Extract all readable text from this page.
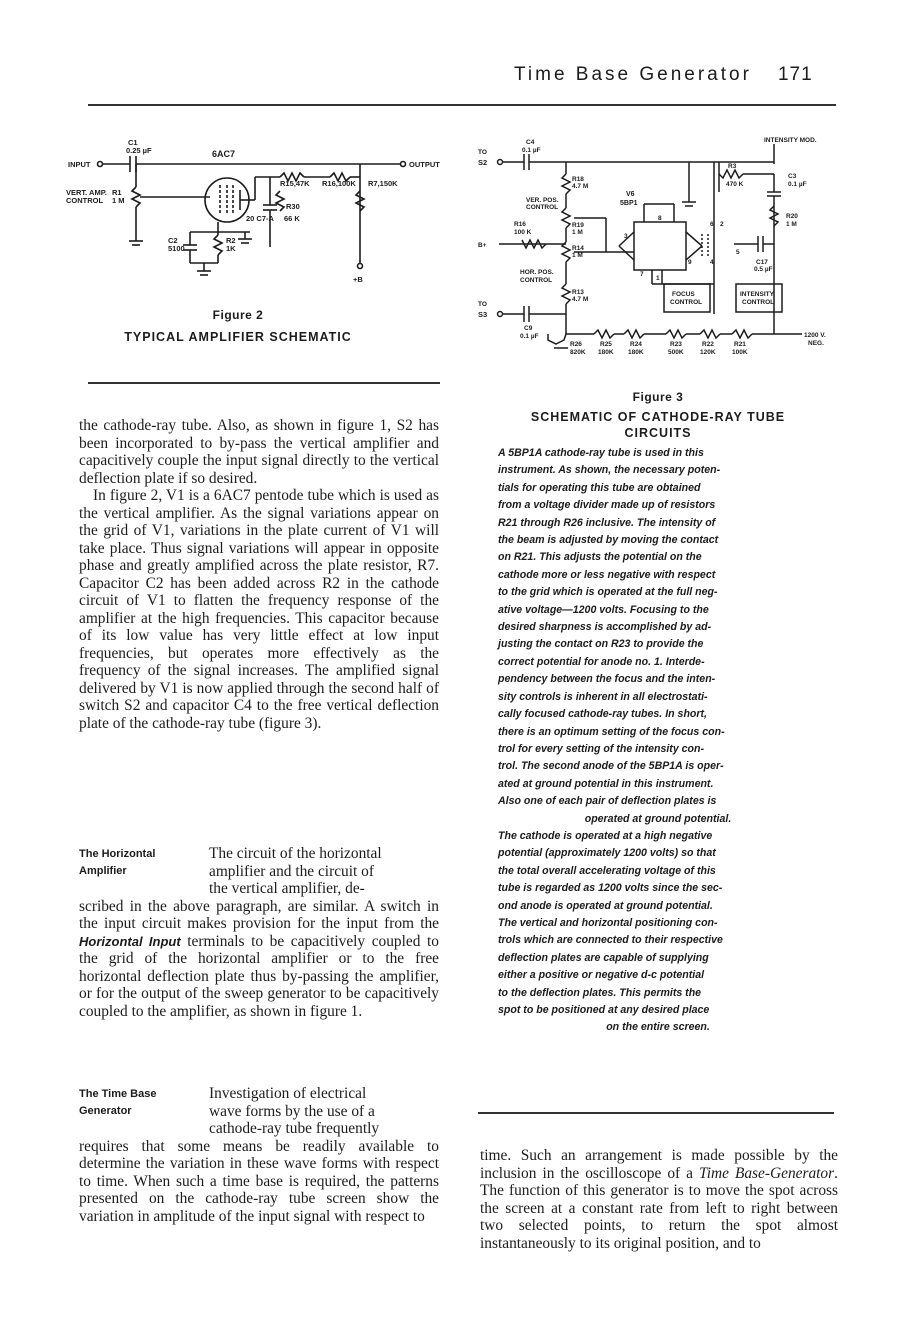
Time Base Generator 171
C1
0.25 µF	6AC7
INPUT	OUTPUT
VERT. AMP. R1
CONTROL 1 M
R15,47K R16,100K R7,150K
R30
20 C7-A 66 K
C2
5100
R2
1K
+B
Figure 2
TYPICAL AMPLIFIER SCHEMATIC
TO
S2
C4
0.1 µF
INTENSITY MOD.
R18
4.7 M
R3
470 K
C3
0.1 µF
VER. POS.
CONTROL
V6
5BP1
R19
1 M
R16
100 K
B+	R14
1 M
R20
1 M
C17
0.5 µF
HOR. POS.
CONTROL
R13
4.7 M
FOCUS
CONTROL
INTENSITY
CONTROL
TO
S3
C9
0.1 µF
R26
820K
R25
180K
R24
180K
R23
500K
R22
120K
R21
100K
1200 V.
NEG.
8
6 2
3
7
9	4
5
1
Figure 3
SCHEMATIC OF CATHODE-RAY TUBE
CIRCUITS

A 5BP1A cathode-ray tube is used in this

instrument. As shown, the necessary poten-

tials for operating this tube are obtained

from a voltage divider made up of resistors

R21 through R26 inclusive. The intensity of

the beam is adjusted by moving the contact

on R21. This adjusts the potential on the

cathode more or less negative with respect

to the grid which is operated at the full neg-

ative voltage—1200 volts. Focusing to the

desired sharpness is accomplished by ad-

justing the contact on R23 to provide the

correct potential for anode no. 1. Interde-

pendency between the focus and the inten-

sity controls is inherent in all electrostati-

cally focused cathode-ray tubes. In short,

there is an optimum setting of the focus con-

trol for every setting of the intensity con-

trol. The second anode of the 5BP1A is oper-

ated at ground potential in this instrument.

Also one of each pair of deflection plates is

operated at ground potential.

The cathode is operated at a high negative

potential (approximately 1200 volts) so that

the total overall accelerating voltage of this

tube is regarded as 1200 volts since the sec-

ond anode is operated at ground potential.

The vertical and horizontal positioning con-

trols which are connected to their respective

deflection plates are capable of supplying

either a positive or negative d-c potential

to the deflection plates. This permits the

spot to be positioned at any desired place

on the entire screen.

the cathode-ray tube. Also, as shown in figure 1, S2 has been incorporated to by-pass the vertical amplifier and capacitively couple the input signal directly to the vertical deflection plate if so desired.

In figure 2, V1 is a 6AC7 pentode tube which is used as the vertical amplifier. As the signal variations appear on the grid of V1, variations in the plate current of V1 will take place. Thus signal variations will appear in opposite phase and greatly amplified across the plate resistor, R7. Capacitor C2 has been added across R2 in the cathode circuit of V1 to flatten the frequency response of the amplifier at the high frequencies. This capacitor because of its low value has very little effect at low input frequencies, but operates more effectively as the frequency of the signal increases. The amplified signal delivered by V1 is now applied through the second half of switch S2 and capacitor C4 to the free vertical deflection plate of the cathode-ray tube (figure 3).

The Horizontal
Amplifier
The circuit of the horizontal
amplifier and the circuit of
the vertical amplifier, de-

scribed in the above paragraph, are similar. A switch in the input circuit makes provision for the input from the Horizontal Input terminals to be capacitively coupled to the grid of the horizontal amplifier or to the free horizontal deflection plate thus by-passing the amplifier, or for the output of the sweep generator to be capacitively coupled to the amplifier, as shown in figure 1.

The Time Base
Generator
Investigation of electrical
wave forms by the use of a
cathode-ray tube frequently

requires that some means be readily available to determine the variation in these wave forms with respect to time. When such a time base is required, the patterns presented on the cathode-ray tube screen show the variation in amplitude of the input signal with respect to

time. Such an arrangement is made possible by the inclusion in the oscilloscope of a Time Base-Generator. The function of this generator is to move the spot across the screen at a constant rate from left to right between two selected points, to return the spot almost instantaneously to its original position, and to
